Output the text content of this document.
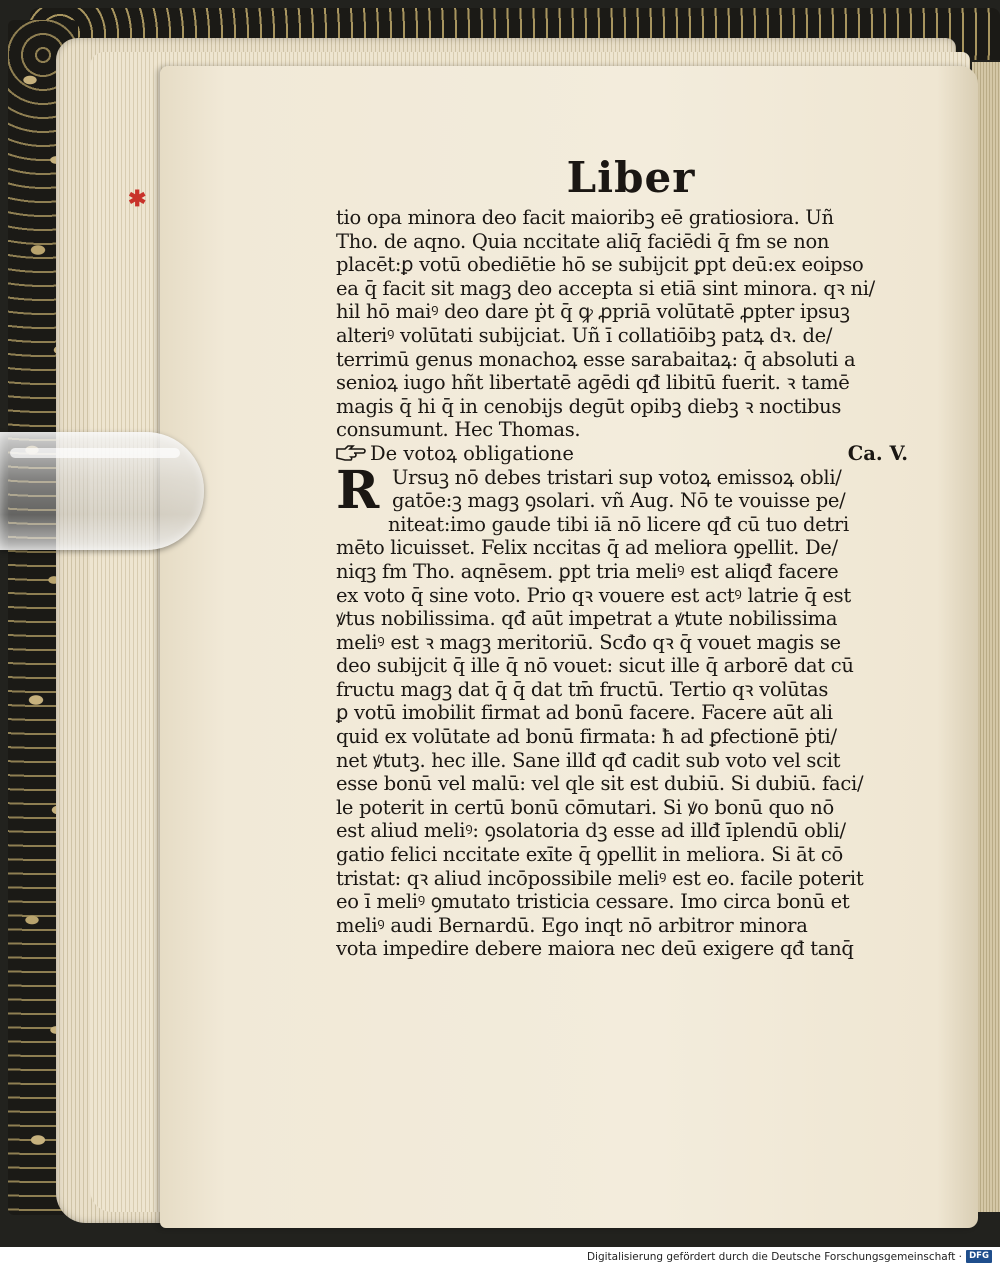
✱	Liber
tio opa minora deo facit maioribꝫ eē gratiosiora. Uñ
Tho. de aqno. Quia nccitate aliq̄ faciēdi q̄ fm se non
placēt:ꝑ votū obediētie hō se subijcit ꝑpt deū:ex eoipso
ea q̄ facit sit magꝫ deo accepta si etiā sint minora. qꝛ ni/
hil hō maiꝰ deo dare ṗt q̄ ꝙ ꝓpriā volūtatē ꝓpter ipsuꝫ
alteriꝰ volūtati subijciat. Uñ ī collatiōibꝫ patꝝ dꝛ. de/
terrimū genus monachoꝝ esse sarabaitaꝝ: q̄ absoluti a
senioꝝ iugo hñt libertatē agēdi qđ libitū fuerit. ꝛ tamē
magis q̄ hi q̄ in cenobijs degūt opibꝫ diebꝫ ꝛ noctibus
consumunt. Hec Thomas.
De votoꝝ obligatione	Ca. V.
R Ursuꝫ nō debes tristari sup votoꝝ emissoꝝ obli/
gatōe:ꝫ magꝫ ꝯsolari. vñ Aug. Nō te vouisse pe/
niteat:imo gaude tibi iā nō licere qđ cū tuo detri
mēto licuisset. Felix nccitas q̄ ad meliora ꝯpellit. De/
niqꝫ fm Tho. aqnēsem. ꝑpt tria meliꝰ est aliqđ facere
ex voto q̄ sine voto. Prio qꝛ vouere est actꝰ latrie q̄ est
ꝟtus nobilissima. qđ aūt impetrat a ꝟtute nobilissima
meliꝰ est ꝛ magꝫ meritoriū. Scđo qꝛ q̄ vouet magis se
deo subijcit q̄ ille q̄ nō vouet: sicut ille q̄ arborē dat cū
fructu magꝫ dat q̄ q̄ dat tm̄ fructū. Tertio qꝛ volūtas
ꝑ votū imobilit firmat ad bonū facere. Facere aūt ali
quid ex volūtate ad bonū firmata: ħ ad ꝑfectionē ṗti/
net ꝟtutꝫ. hec ille. Sane illđ qđ cadit sub voto vel scit
esse bonū vel malū: vel qle sit est dubiū. Si dubiū. faci/
le poterit in certū bonū cōmutari. Si ꝟo bonū quo nō
est aliud meliꝰ: ꝯsolatoria dꝫ esse ad illđ īplendū obli/
gatio felici nccitate exīte q̄ ꝯpellit in meliora. Si āt cō
tristat: qꝛ aliud incōpossibile meliꝰ est eo. facile poterit
eo ī meliꝰ ꝯmutato tristicia cessare. Imo circa bonū et
meliꝰ audi Bernardū. Ego inqt nō arbitror minora
vota impedire debere maiora nec deū exigere qđ tanq̄
Digitalisierung gefördert durch die Deutsche Forschungsgemeinschaft · DFG
